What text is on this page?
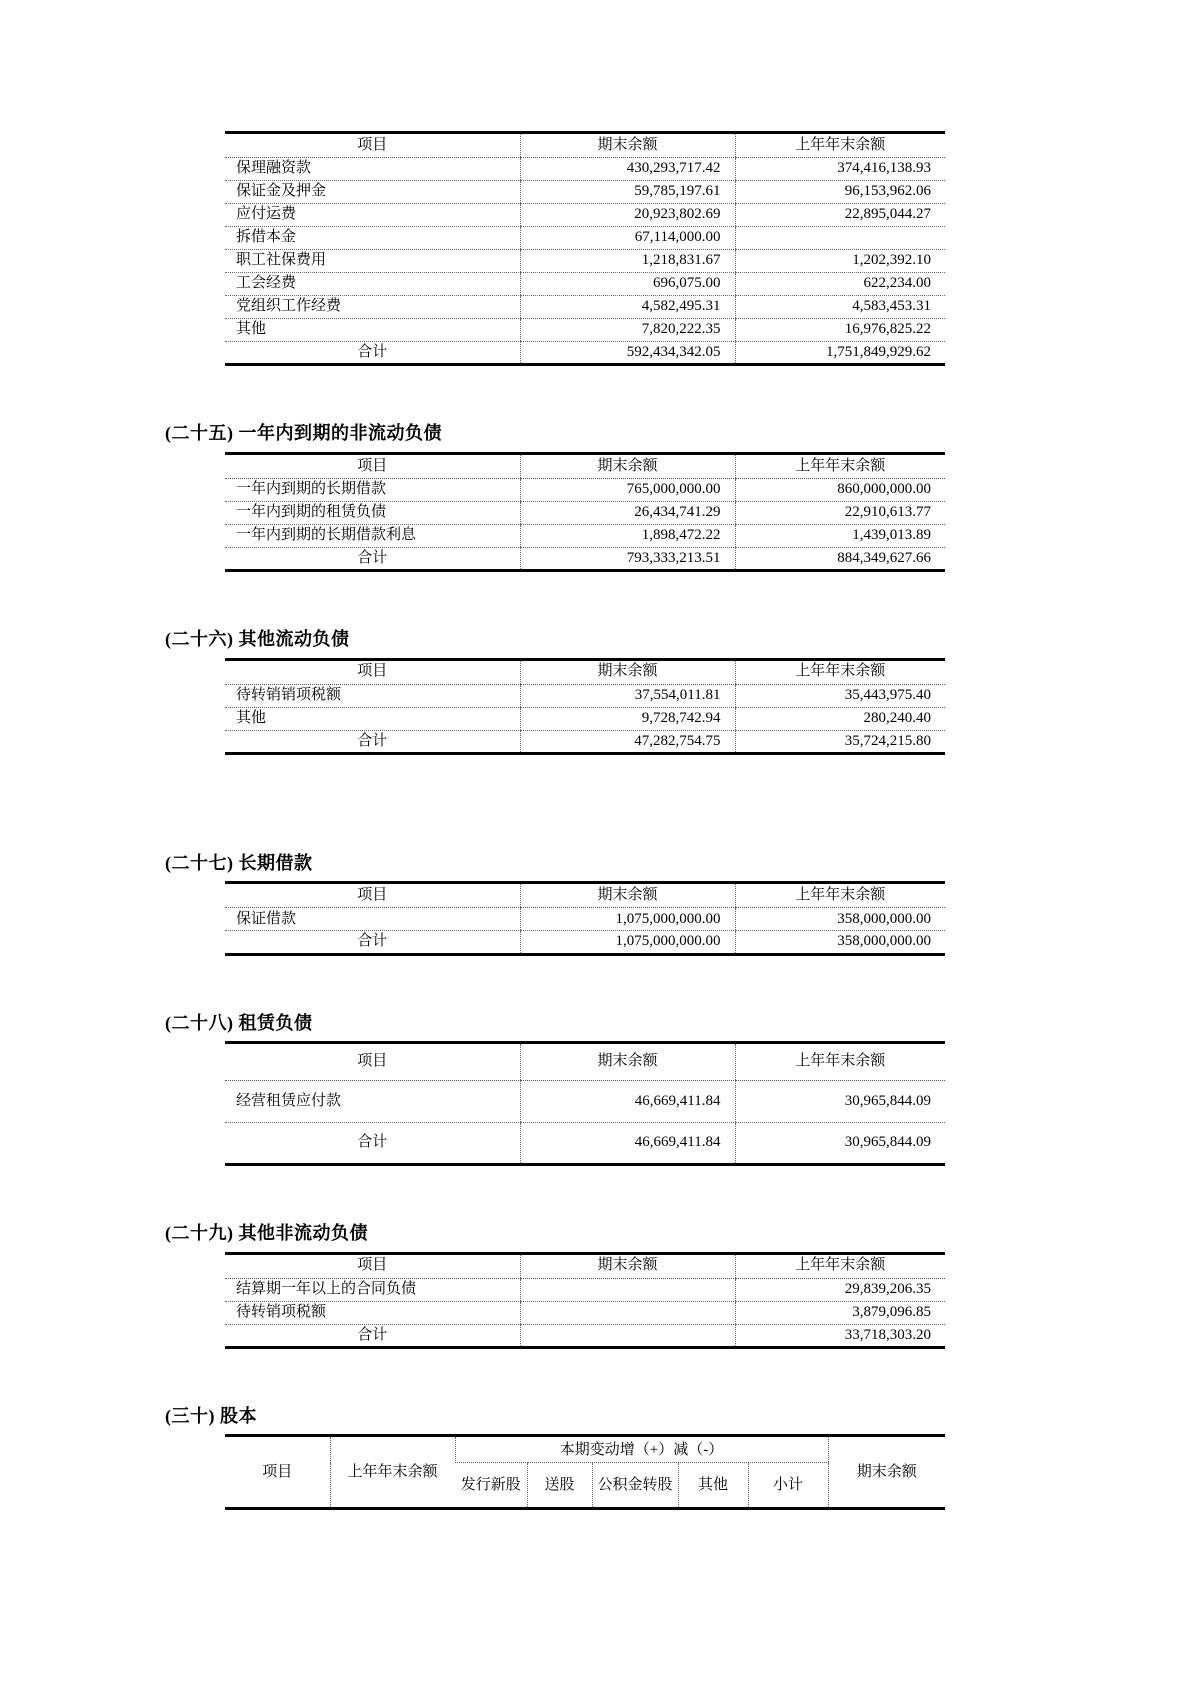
项目	期末余额	上年年末余额
保理融资款	430,293,717.42	374,416,138.93
保证金及押金	59,785,197.61	96,153,962.06
应付运费	20,923,802.69	22,895,044.27
拆借本金	67,114,000.00	
职工社保费用	1,218,831.67	1,202,392.10
工会经费	696,075.00	622,234.00
党组织工作经费	4,582,495.31	4,583,453.31
其他	7,820,222.35	16,976,825.22
合计	592,434,342.05	1,751,849,929.62
(二十五) 一年内到期的非流动负债
项目	期末余额	上年年末余额
一年内到期的长期借款	765,000,000.00	860,000,000.00
一年内到期的租赁负债	26,434,741.29	22,910,613.77
一年内到期的长期借款利息	1,898,472.22	1,439,013.89
合计	793,333,213.51	884,349,627.66
(二十六) 其他流动负债
项目	期末余额	上年年末余额
待转销销项税额	37,554,011.81	35,443,975.40
其他	9,728,742.94	280,240.40
合计	47,282,754.75	35,724,215.80
(二十七) 长期借款
项目	期末余额	上年年末余额
保证借款	1,075,000,000.00	358,000,000.00
合计	1,075,000,000.00	358,000,000.00
(二十八) 租赁负债
项目	期末余额	上年年末余额
经营租赁应付款	46,669,411.84	30,965,844.09
合计	46,669,411.84	30,965,844.09
(二十九) 其他非流动负债
项目	期末余额	上年年末余额
结算期一年以上的合同负债		29,839,206.35
待转销项税额		3,879,096.85
合计		33,718,303.20
(三十) 股本
项目	上年年末余额	本期变动增（+）减（-）					期末余额
		发行新股	送股	公积金转股	其他	小计	
